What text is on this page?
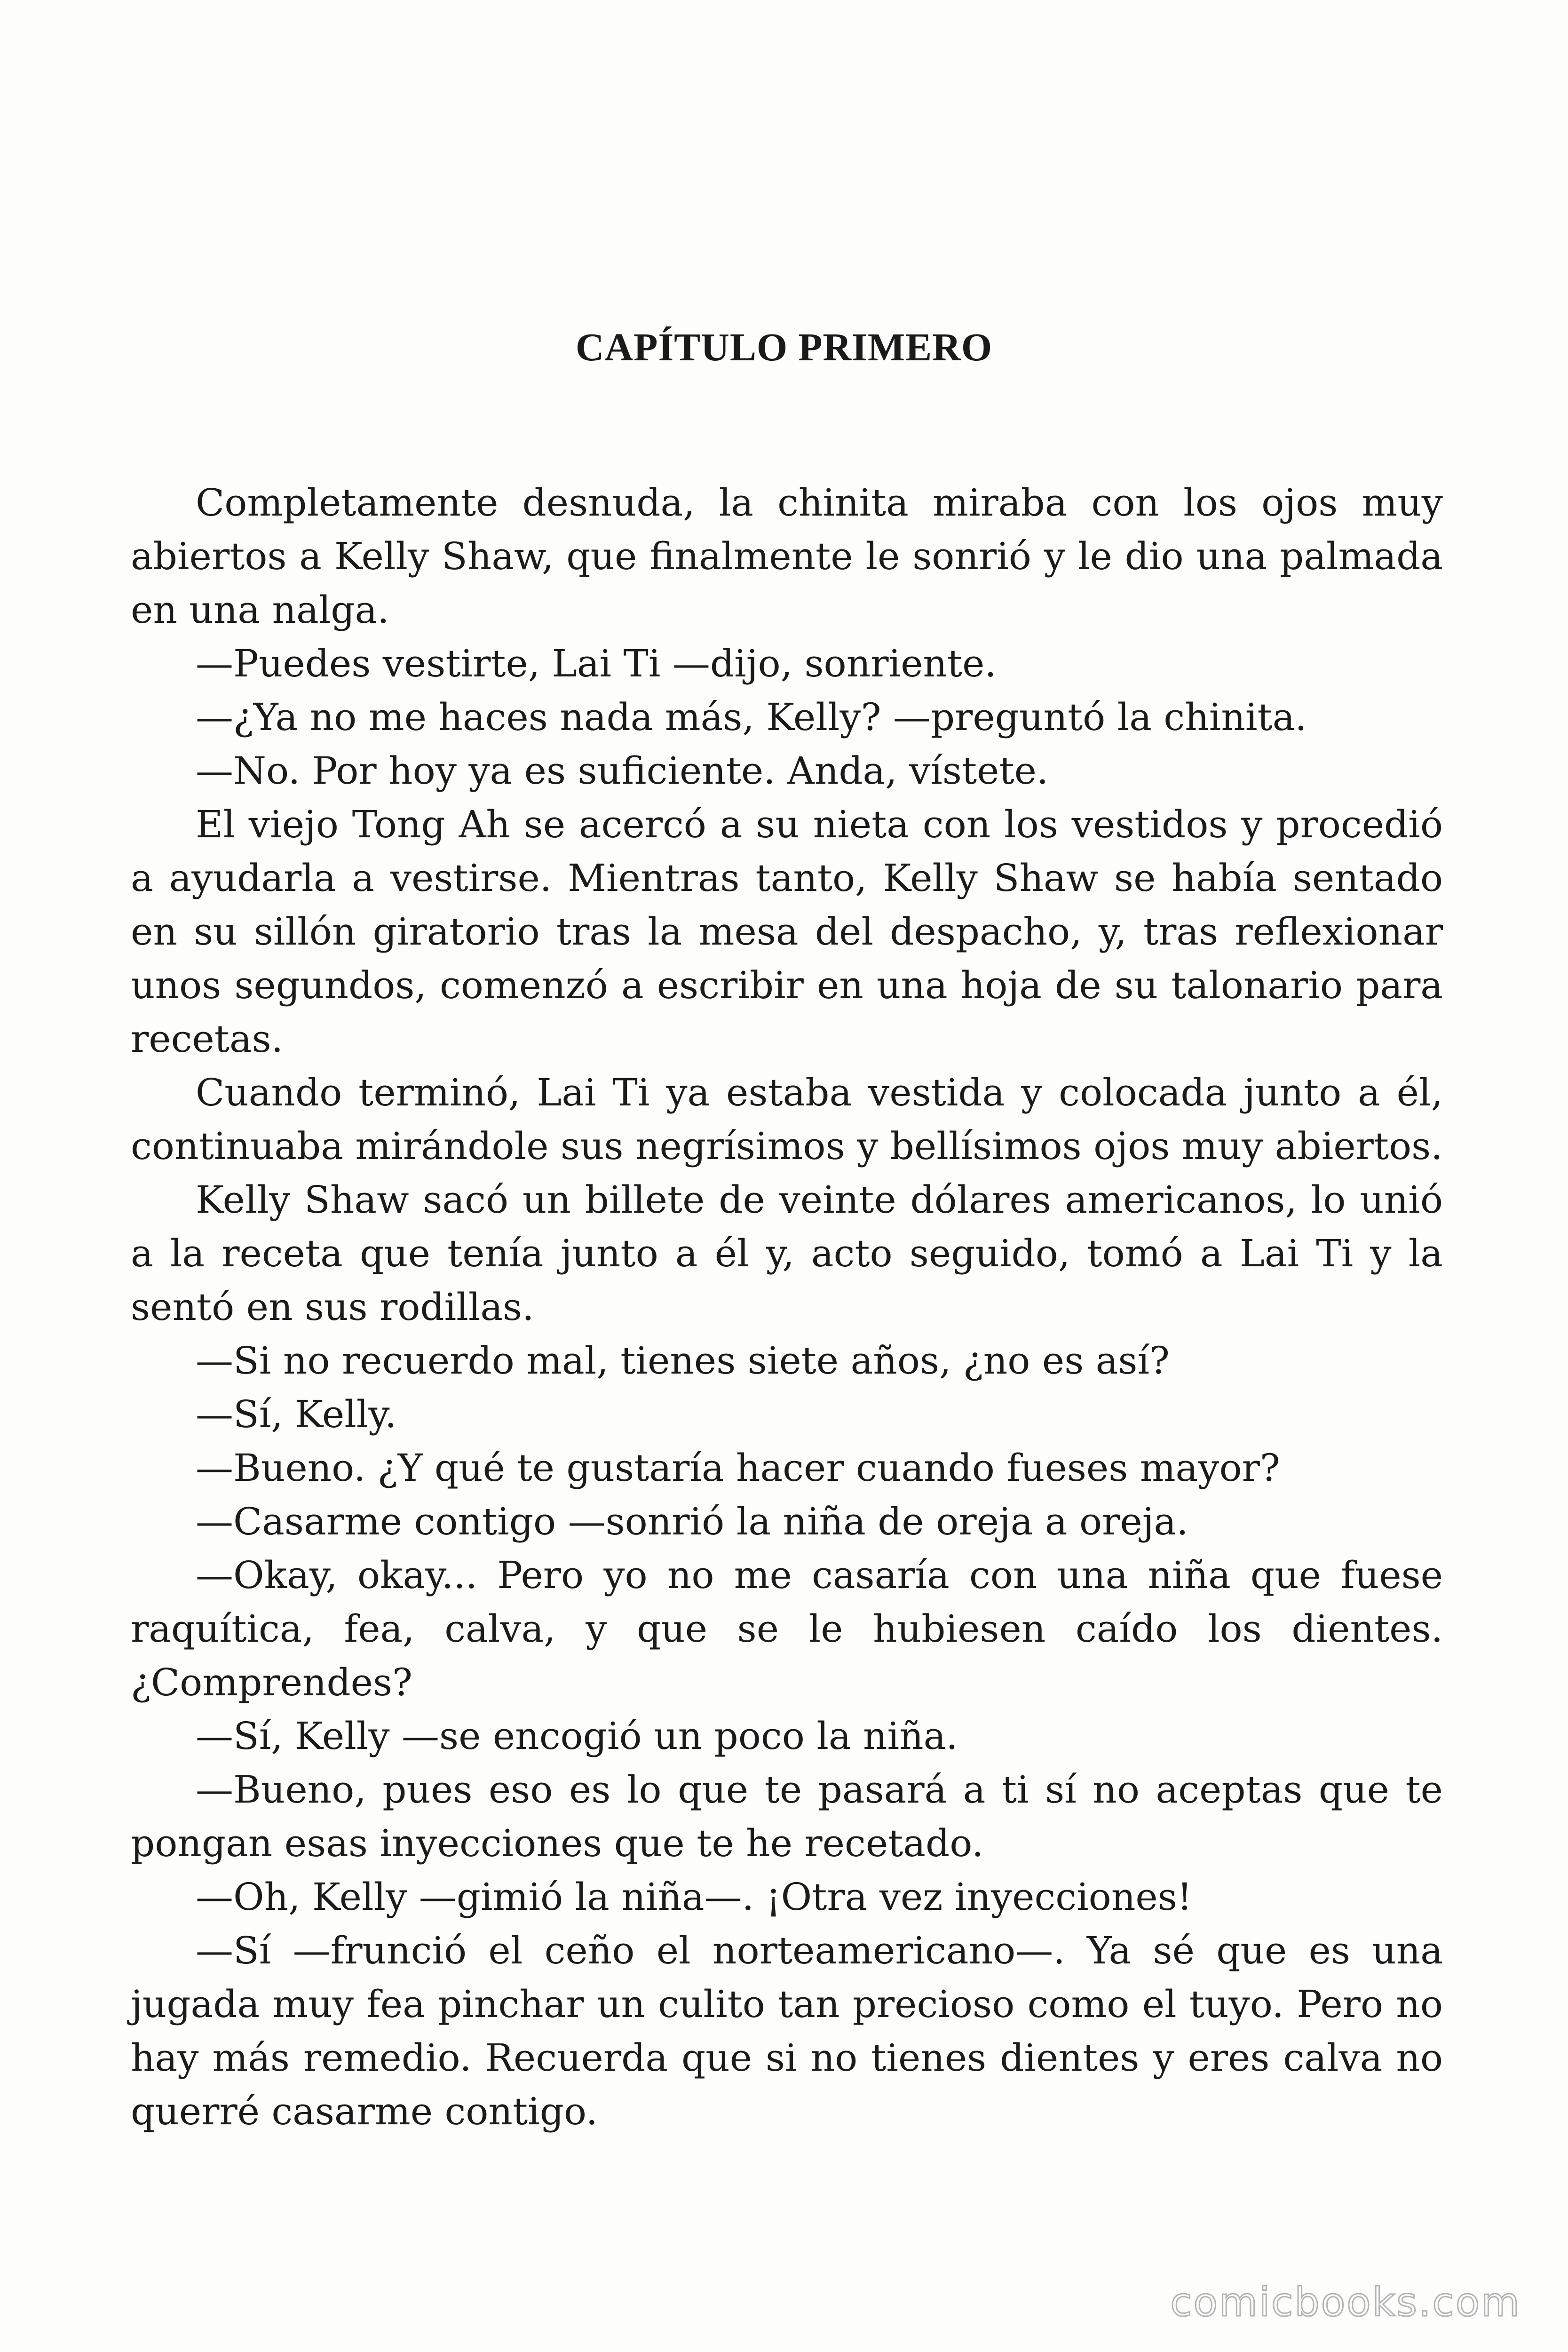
CAPÍTULO PRIMERO

Completamente desnuda, la chinita miraba con los ojos muy abiertos a Kelly Shaw, que finalmente le sonrió y le dio una palmada en una nalga.

—Puedes vestirte, Lai Ti —dijo, sonriente.

—¿Ya no me haces nada más, Kelly? —preguntó la chinita.

—No. Por hoy ya es suficiente. Anda, vístete.

El viejo Tong Ah se acercó a su nieta con los vestidos y procedió a ayudarla a vestirse. Mientras tanto, Kelly Shaw se había sentado en su sillón giratorio tras la mesa del despacho, y, tras reflexionar unos segundos, comenzó a escribir en una hoja de su talonario para recetas.

Cuando terminó, Lai Ti ya estaba vestida y colocada junto a él, continuaba mirándole sus negrísimos y bellísimos ojos muy abiertos.

Kelly Shaw sacó un billete de veinte dólares americanos, lo unió a la receta que tenía junto a él y, acto seguido, tomó a Lai Ti y la sentó en sus rodillas.

—Si no recuerdo mal, tienes siete años, ¿no es así?

—Sí, Kelly.

—Bueno. ¿Y qué te gustaría hacer cuando fueses mayor?

—Casarme contigo —sonrió la niña de oreja a oreja.

—Okay, okay... Pero yo no me casaría con una niña que fuese raquítica, fea, calva, y que se le hubiesen caído los dientes. ¿Comprendes?

—Sí, Kelly —se encogió un poco la niña.

—Bueno, pues eso es lo que te pasará a ti sí no aceptas que te pongan esas inyecciones que te he recetado.

—Oh, Kelly —gimió la niña—. ¡Otra vez inyecciones!

—Sí —frunció el ceño el norteamericano—. Ya sé que es una jugada muy fea pinchar un culito tan precioso como el tuyo. Pero no hay más remedio. Recuerda que si no tienes dientes y eres calva no querré casarme contigo.

comicbooks.com
